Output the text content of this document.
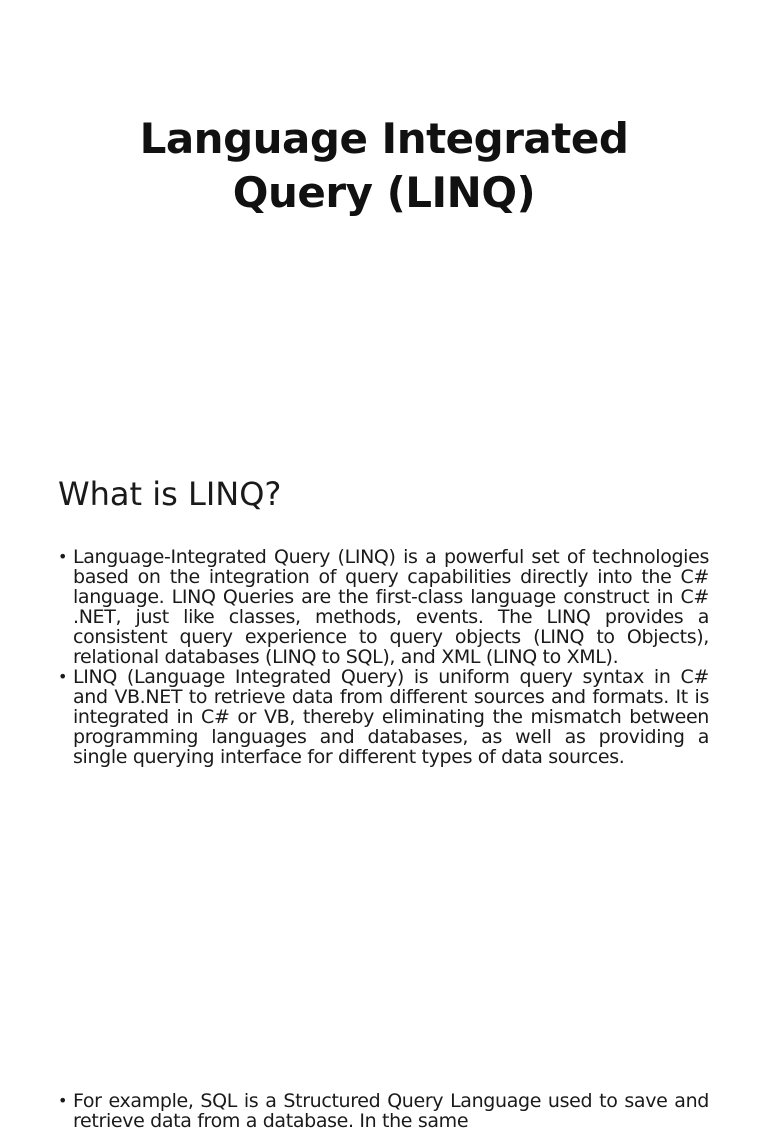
Language Integrated
Query (LINQ)
What is LINQ?
• Language-Integrated Query (LINQ) is a powerful set of technologies based on the integration of query capabilities directly into the C# language. LINQ Queries are the first-class language construct in C# .NET, just like classes, methods, events. The LINQ provides a consistent query experience to query objects (LINQ to Objects), relational databases (LINQ to SQL), and XML (LINQ to XML).
• LINQ (Language Integrated Query) is uniform query syntax in C# and VB.NET to retrieve data from different sources and formats. It is integrated in C# or VB, thereby eliminating the mismatch between programming languages and databases, as well as providing a single querying interface for different types of data sources.
• For example, SQL is a Structured Query Language used to save and retrieve data from a database. In the same
